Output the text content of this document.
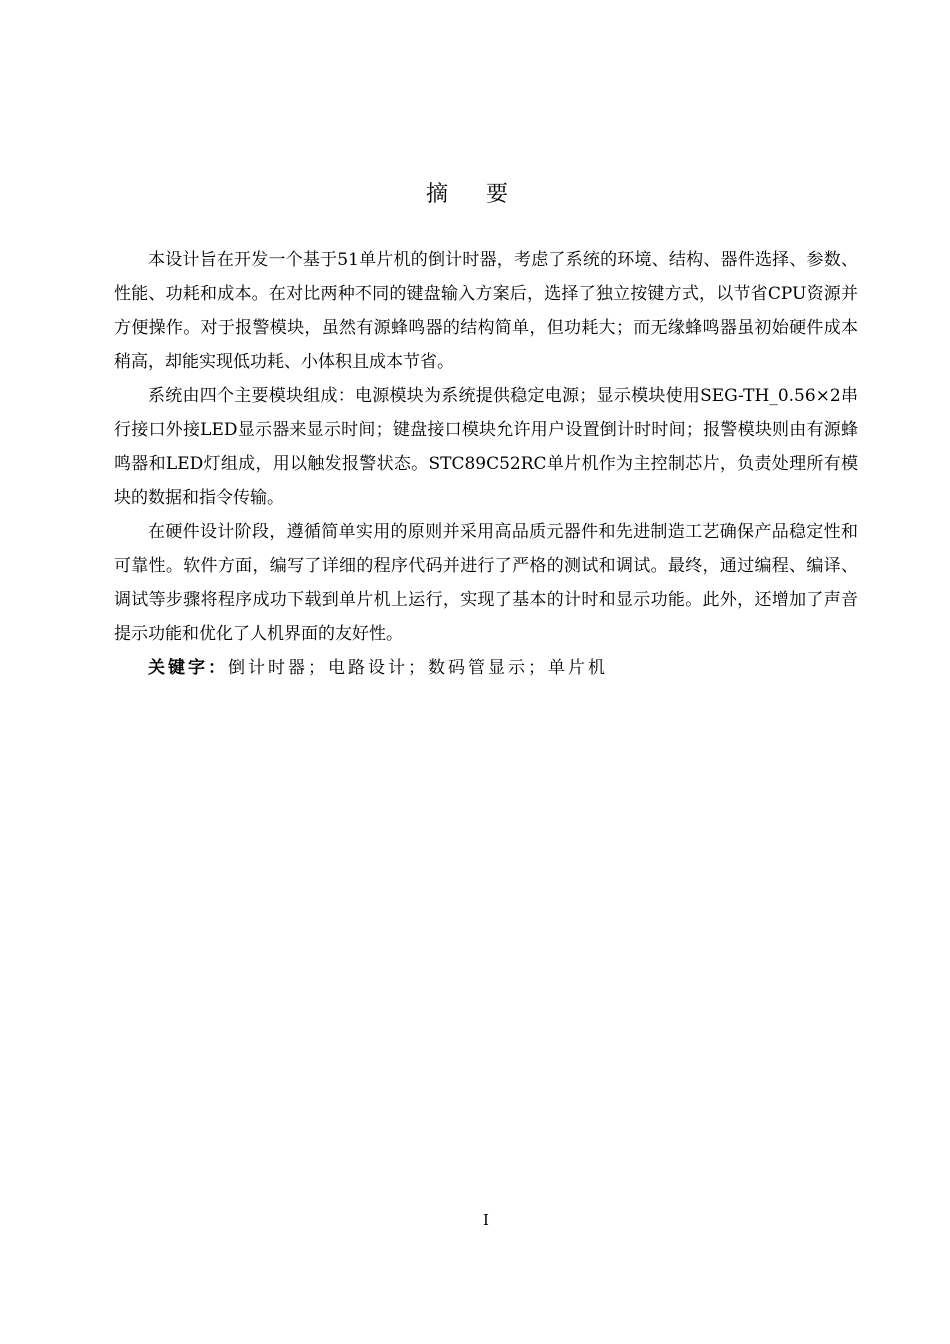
摘要

本设计旨在开发一个基于51单片机的倒计时器，考虑了系统的环境、结构、器件选择、参数、性能、功耗和成本。在对比两种不同的键盘输入方案后，选择了独立按键方式，以节省CPU资源并方便操作。对于报警模块，虽然有源蜂鸣器的结构简单，但功耗大；而无缘蜂鸣器虽初始硬件成本稍高，却能实现低功耗、小体积且成本节省。

系统由四个主要模块组成：电源模块为系统提供稳定电源；显示模块使用SEG-TH_0.56×2串行接口外接LED显示器来显示时间；键盘接口模块允许用户设置倒计时时间；报警模块则由有源蜂鸣器和LED灯组成，用以触发报警状态。STC89C52RC单片机作为主控制芯片，负责处理所有模块的数据和指令传输。

在硬件设计阶段，遵循简单实用的原则并采用高品质元器件和先进制造工艺确保产品稳定性和可靠性。软件方面，编写了详细的程序代码并进行了严格的测试和调试。最终，通过编程、编译、调试等步骤将程序成功下载到单片机上运行，实现了基本的计时和显示功能。此外，还增加了声音提示功能和优化了人机界面的友好性。

关键字：倒计时器；电路设计；数码管显示；单片机

I
